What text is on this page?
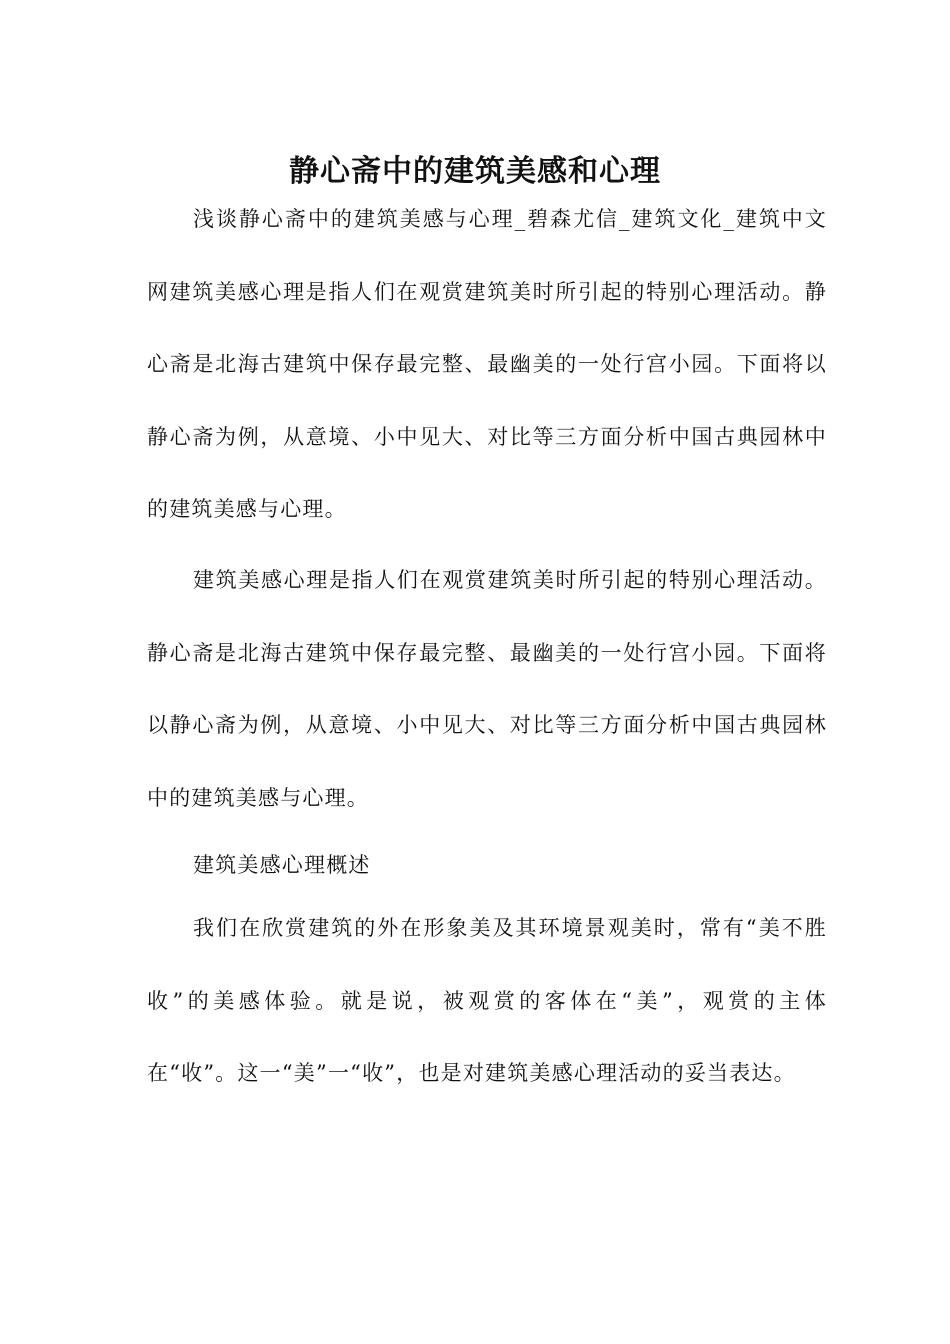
静心斋中的建筑美感和心理

浅谈静心斋中的建筑美感与心理_碧森尤信_建筑文化_建筑中文网建筑美感心理是指人们在观赏建筑美时所引起的特别心理活动。静心斋是北海古建筑中保存最完整、最幽美的一处行宫小园。下面将以静心斋为例，从意境、小中见大、对比等三方面分析中国古典园林中的建筑美感与心理。

建筑美感心理是指人们在观赏建筑美时所引起的特别心理活动。静心斋是北海古建筑中保存最完整、最幽美的一处行宫小园。下面将以静心斋为例，从意境、小中见大、对比等三方面分析中国古典园林中的建筑美感与心理。

建筑美感心理概述

我们在欣赏建筑的外在形象美及其环境景观美时，常有“美不胜收”的美感体验。就是说，被观赏的客体在“美”，观赏的主体在“收”。这一“美”一“收”，也是对建筑美感心理活动的妥当表达。
